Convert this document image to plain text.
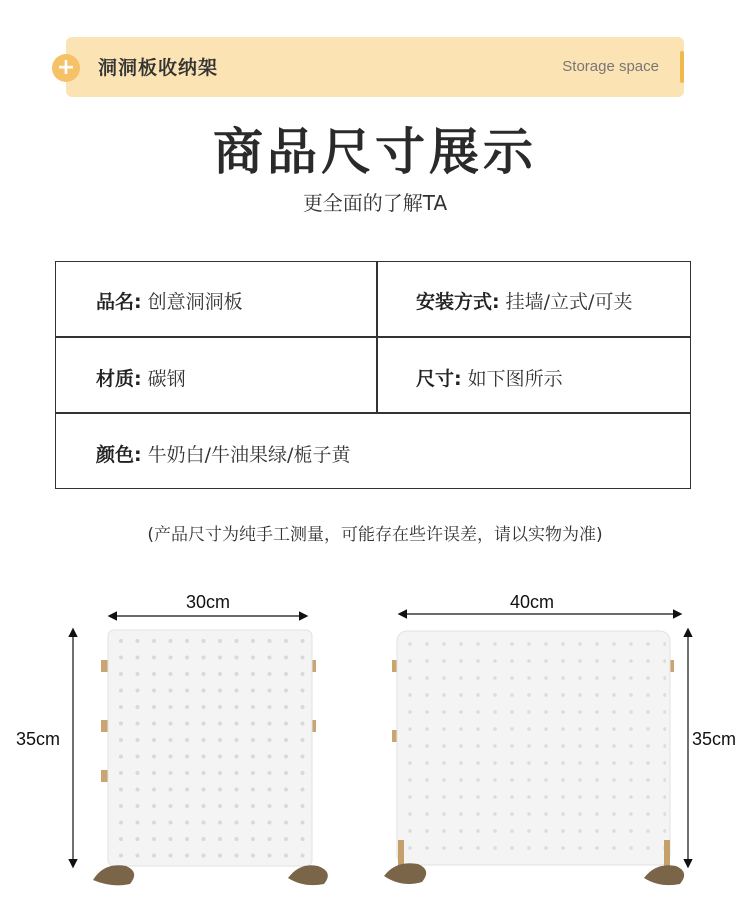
+ 洞洞板收纳架	Storage space
商品尺寸展示
更全面的了解TA
品名: 创意洞洞板	安装方式: 挂墙/立式/可夹
材质: 碳钢	尺寸: 如下图所示
颜色: 牛奶白/牛油果绿/栀子黄
(产品尺寸为纯手工测量，可能存在些许误差，请以实物为准)
30cm
35cm
40cm
35cm
